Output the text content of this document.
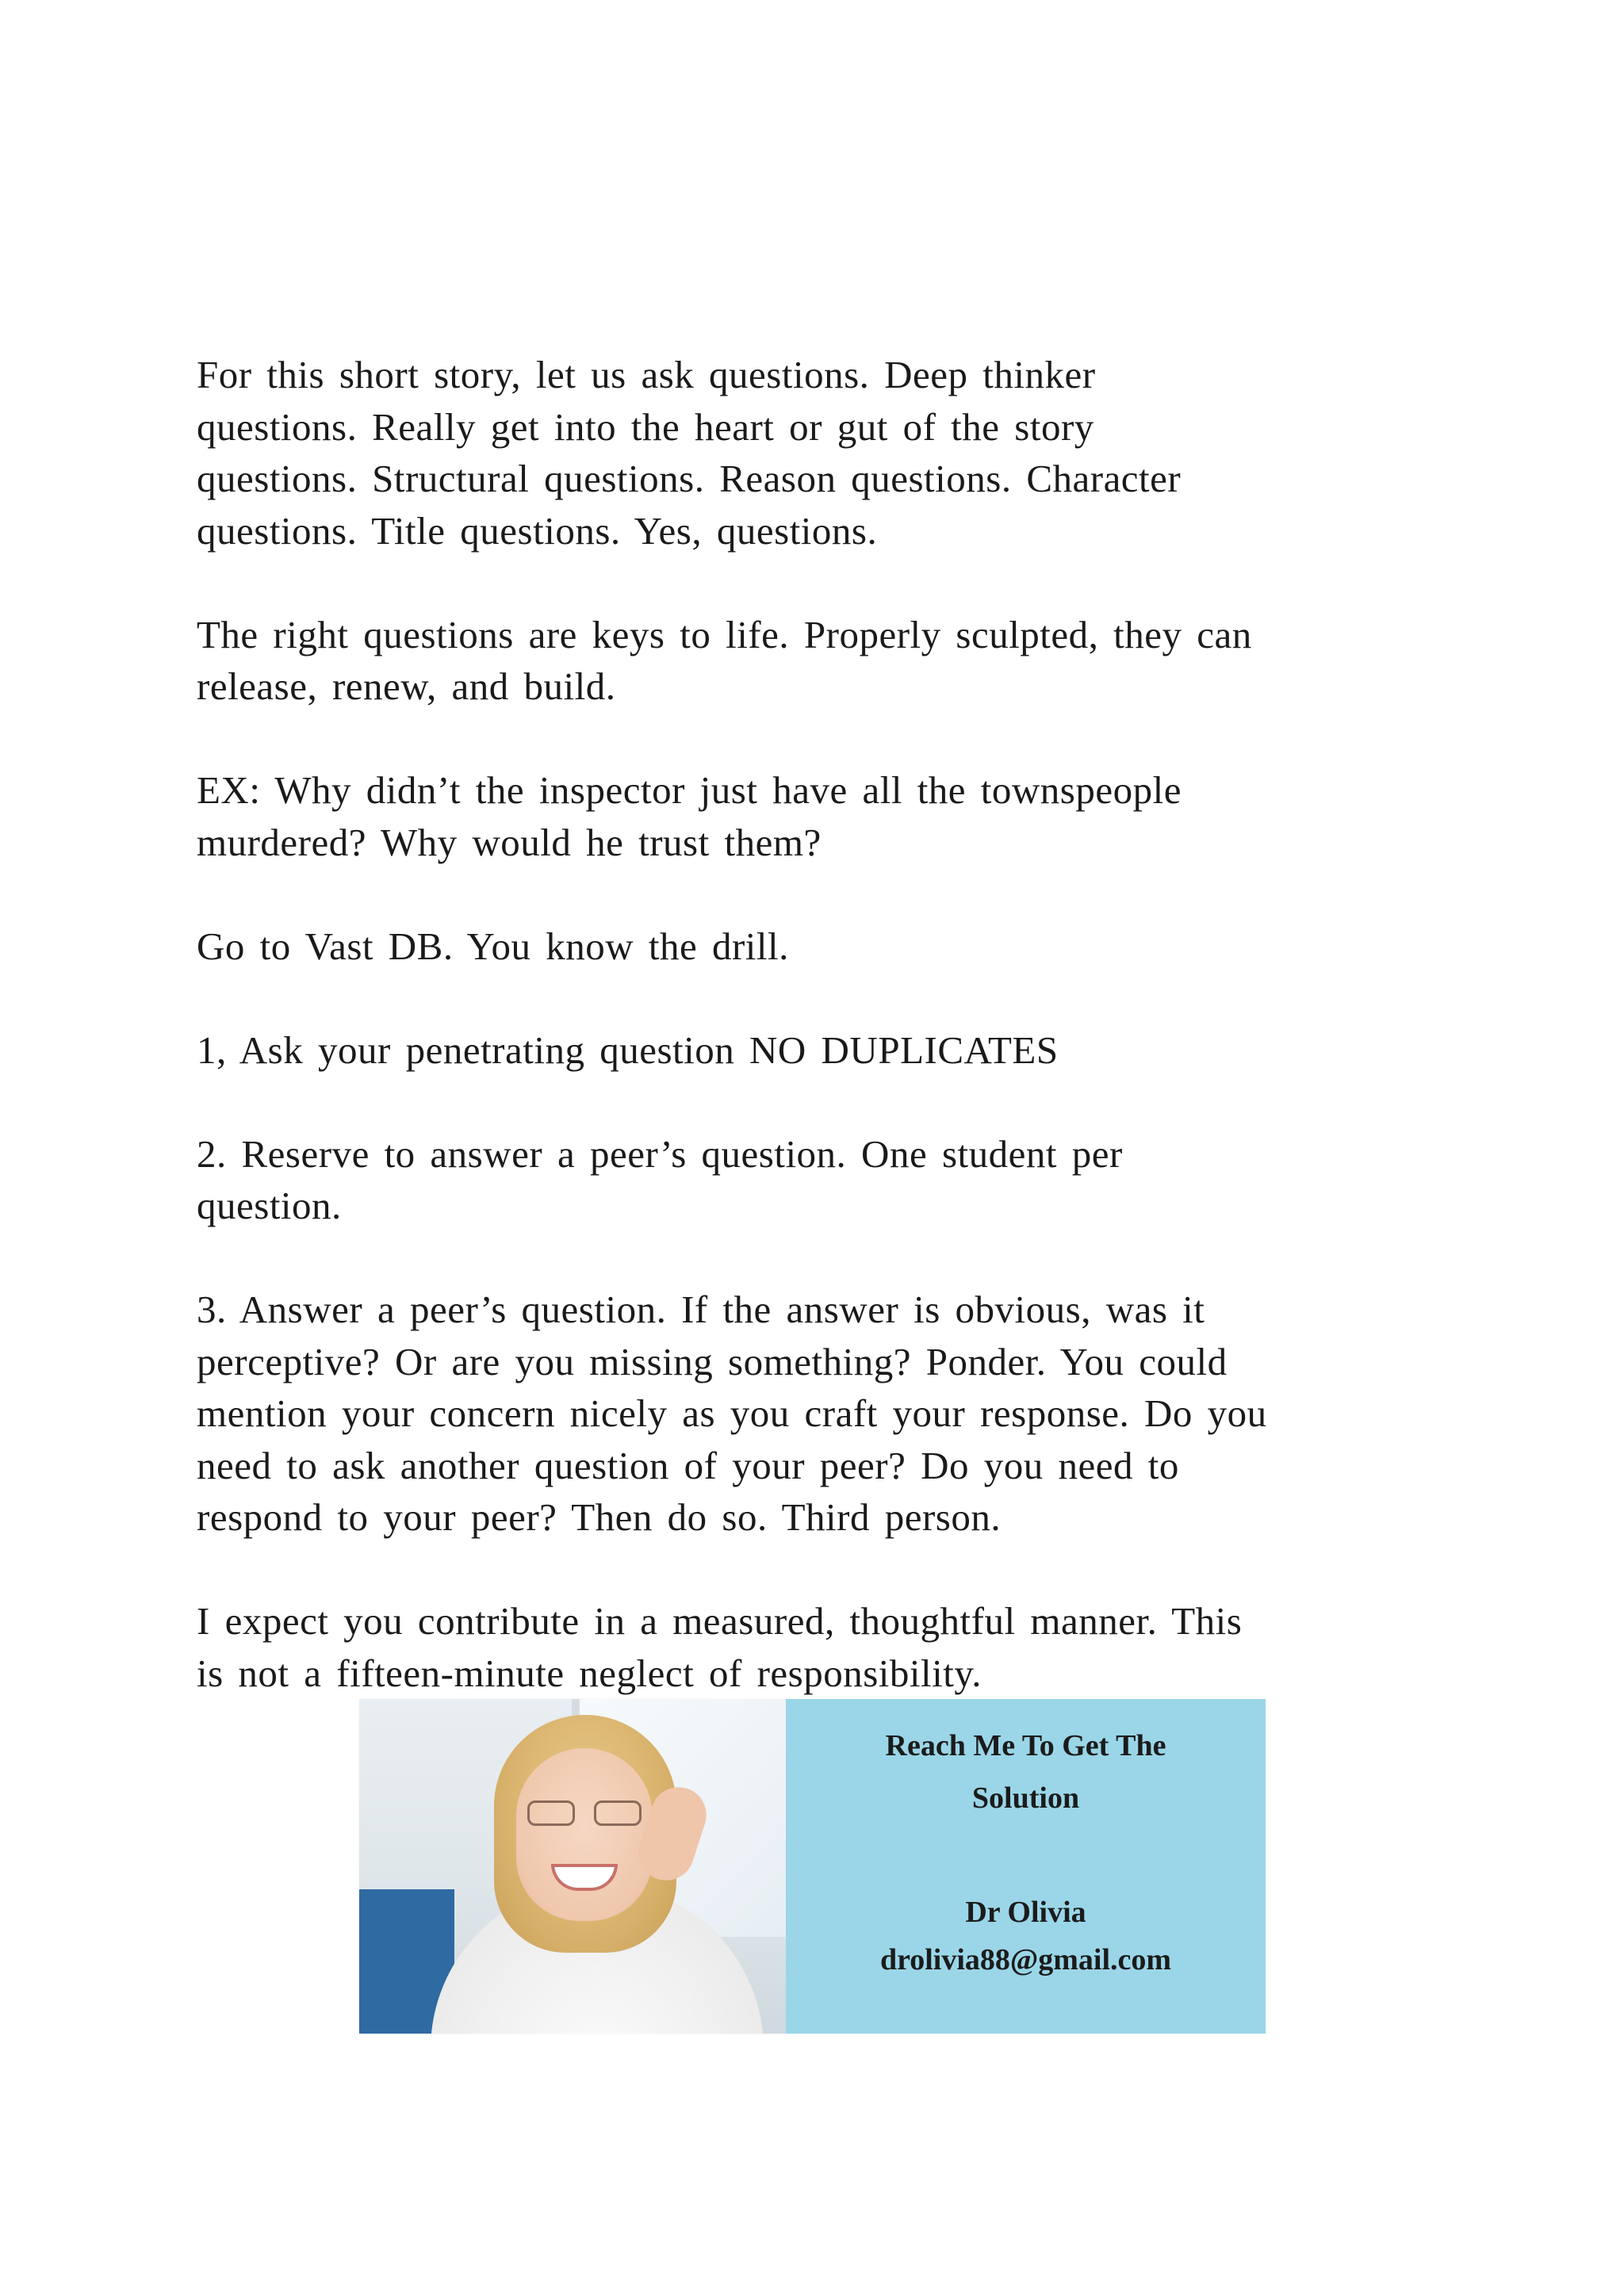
For this short story, let us ask questions. Deep thinker
questions. Really get into the heart or gut of the story
questions. Structural questions. Reason questions. Character
questions. Title questions. Yes, questions.

The right questions are keys to life. Properly sculpted, they can
release, renew, and build.

EX: Why didn’t the inspector just have all the townspeople
murdered? Why would he trust them?

Go to Vast DB. You know the drill.

1, Ask your penetrating question NO DUPLICATES

2. Reserve to answer a peer’s question. One student per
question.

3. Answer a peer’s question. If the answer is obvious, was it
perceptive? Or are you missing something? Ponder. You could
mention your concern nicely as you craft your response. Do you
need to ask another question of your peer? Do you need to
respond to your peer? Then do so. Third person.

I expect you contribute in a measured, thoughtful manner. This
is not a fifteen-minute neglect of responsibility.

Reach Me To Get The
Solution
Dr Olivia
drolivia88@gmail.com
